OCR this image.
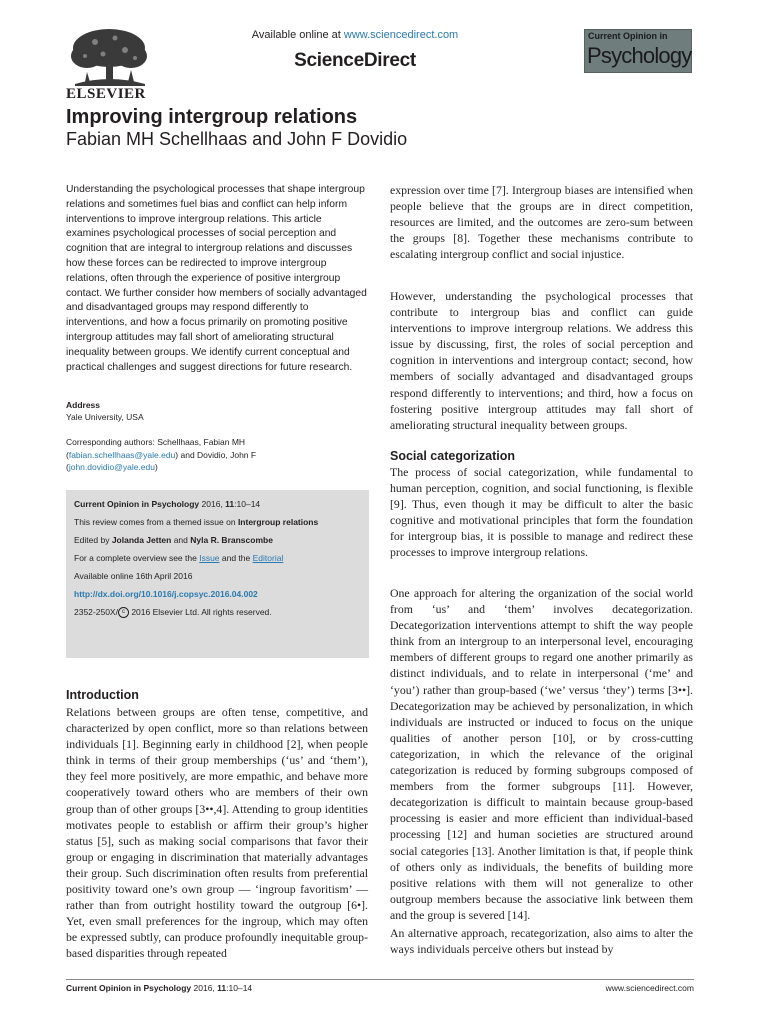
ELSEVIER
Available online at www.sciencedirect.com
ScienceDirect
Current Opinion in
Psychology
Improving intergroup relations
Fabian MH Schellhaas and John F Dovidio
Understanding the psychological processes that shape intergroup relations and sometimes fuel bias and conflict can help inform interventions to improve intergroup relations. This article examines psychological processes of social perception and cognition that are integral to intergroup relations and discusses how these forces can be redirected to improve intergroup relations, often through the experience of positive intergroup contact. We further consider how members of socially advantaged and disadvantaged groups may respond differently to interventions, and how a focus primarily on promoting positive intergroup attitudes may fall short of ameliorating structural inequality between groups. We identify current conceptual and practical challenges and suggest directions for future research.
Address
Yale University, USA
Corresponding authors: Schellhaas, Fabian MH
(fabian.schellhaas@yale.edu) and Dovidio, John F
(john.dovidio@yale.edu)
Current Opinion in Psychology 2016, 11:10–14
This review comes from a themed issue on Intergroup relations
Edited by Jolanda Jetten and Nyla R. Branscombe
For a complete overview see the Issue and the Editorial
Available online 16th April 2016
http://dx.doi.org/10.1016/j.copsyc.2016.04.002
2352-250X/ c 2016 Elsevier Ltd. All rights reserved.
Introduction
Relations between groups are often tense, competitive, and characterized by open conflict, more so than relations between individuals [1]. Beginning early in childhood [2], when people think in terms of their group memberships (‘us’ and ‘them’), they feel more positively, are more empathic, and behave more cooperatively toward others who are members of their own group than of other groups [3••,4]. Attending to group identities motivates people to establish or affirm their group’s higher status [5], such as making social comparisons that favor their group or engaging in discrimination that materially advantages their group. Such discrimination often results from preferential positivity toward one’s own group — ‘ingroup favoritism’ — rather than from outright hostility toward the outgroup [6•]. Yet, even small preferences for the ingroup, which may often be expressed subtly, can produce profoundly inequitable group-based disparities through repeated
expression over time [7]. Intergroup biases are intensified when people believe that the groups are in direct competition, resources are limited, and the outcomes are zero-sum between the groups [8]. Together these mechanisms contribute to escalating intergroup conflict and social injustice.
However, understanding the psychological processes that contribute to intergroup bias and conflict can guide interventions to improve intergroup relations. We address this issue by discussing, first, the roles of social perception and cognition in interventions and intergroup contact; second, how members of socially advantaged and disadvantaged groups respond differently to interventions; and third, how a focus on fostering positive intergroup attitudes may fall short of ameliorating structural inequality between groups.
Social categorization
The process of social categorization, while fundamental to human perception, cognition, and social functioning, is flexible [9]. Thus, even though it may be difficult to alter the basic cognitive and motivational principles that form the foundation for intergroup bias, it is possible to manage and redirect these processes to improve intergroup relations.
One approach for altering the organization of the social world from ‘us’ and ‘them’ involves decategorization. Decategorization interventions attempt to shift the way people think from an intergroup to an interpersonal level, encouraging members of different groups to regard one another primarily as distinct individuals, and to relate in interpersonal (‘me’ and ‘you’) rather than group-based (‘we’ versus ‘they’) terms [3••]. Decategorization may be achieved by personalization, in which individuals are instructed or induced to focus on the unique qualities of another person [10], or by cross-cutting categorization, in which the relevance of the original categorization is reduced by forming subgroups composed of members from the former subgroups [11]. However, decategorization is difficult to maintain because group-based processing is easier and more efficient than individual-based processing [12] and human societies are structured around social categories [13]. Another limitation is that, if people think of others only as individuals, the benefits of building more positive relations with them will not generalize to other outgroup members because the associative link between them and the group is severed [14].
An alternative approach, recategorization, also aims to alter the ways individuals perceive others but instead by
Current Opinion in Psychology 2016, 11:10–14	www.sciencedirect.com
